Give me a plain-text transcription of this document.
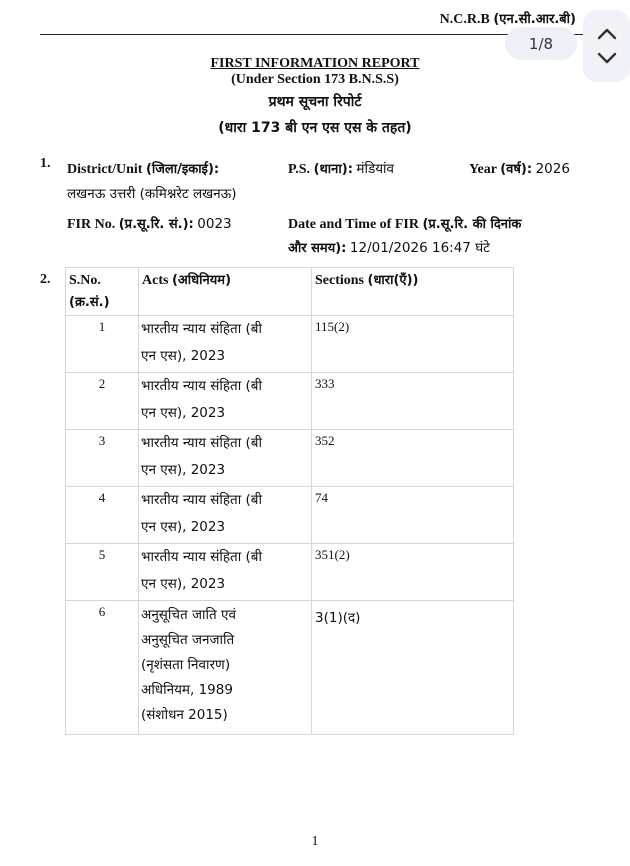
N.C.R.B (एन.सी.आर.बी)
1/8
FIRST INFORMATION REPORT
(Under Section 173 B.N.S.S)
प्रथम सूचना रिपोर्ट
(धारा 173 बी एन एस एस के तहत)
1. District/Unit (जिला/इकाई):
लखनऊ उत्तरी (कमिश्नरेट लखनऊ)
P.S. (थाना): मंडियांव	Year (वर्ष): 2026
FIR No. (प्र.सू.रि. सं.): 0023	Date and Time of FIR (प्र.सू.रि. की दिनांक
और समय): 12/01/2026 16:47 घंटे
2. S.No.
(क्र.सं.)	Acts (अधिनियम)	Sections (धारा(एँ))
1	भारतीय न्याय संहिता (बी
एन एस), 2023	115(2)
2	भारतीय न्याय संहिता (बी
एन एस), 2023	333
3	भारतीय न्याय संहिता (बी
एन एस), 2023	352
4	भारतीय न्याय संहिता (बी
एन एस), 2023	74
5	भारतीय न्याय संहिता (बी
एन एस), 2023	351(2)
6	अनुसूचित जाति एवं
अनुसूचित जनजाति
(नृशंसता निवारण)
अधिनियम, 1989
(संशोधन 2015)	3(1)(द)
1
